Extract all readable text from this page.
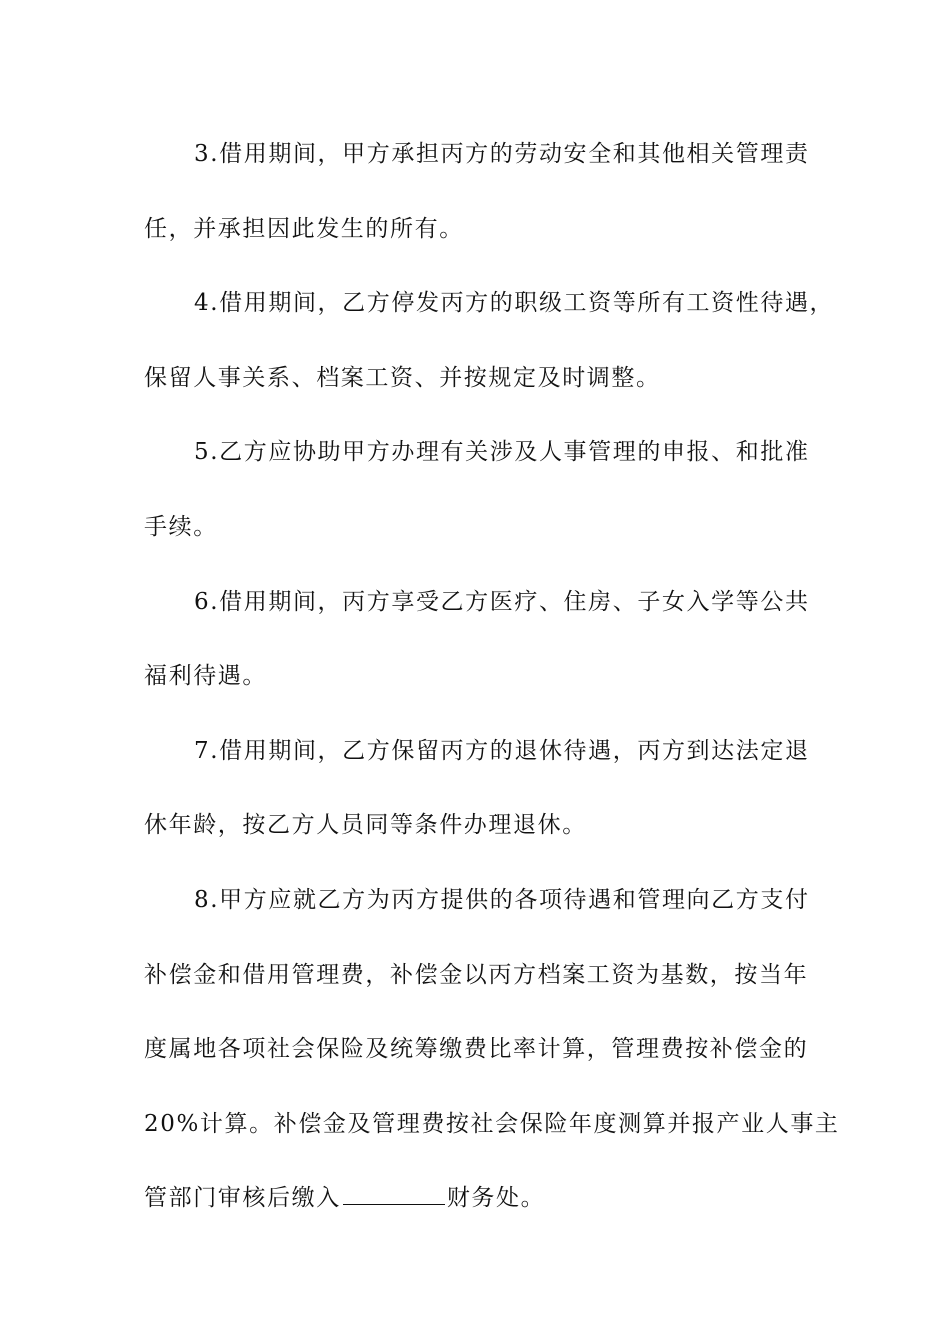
3.借用期间，甲方承担丙方的劳动安全和其他相关管理责
任，并承担因此发生的所有。
4.借用期间，乙方停发丙方的职级工资等所有工资性待遇，
保留人事关系、档案工资、并按规定及时调整。
5.乙方应协助甲方办理有关涉及人事管理的申报、和批准
手续。
6.借用期间，丙方享受乙方医疗、住房、子女入学等公共
福利待遇。
7.借用期间，乙方保留丙方的退休待遇，丙方到达法定退
休年龄，按乙方人员同等条件办理退休。
8.甲方应就乙方为丙方提供的各项待遇和管理向乙方支付
补偿金和借用管理费，补偿金以丙方档案工资为基数，按当年
度属地各项社会保险及统筹缴费比率计算，管理费按补偿金的
20%计算。补偿金及管理费按社会保险年度测算并报产业人事主
管部门审核后缴入	财务处。
